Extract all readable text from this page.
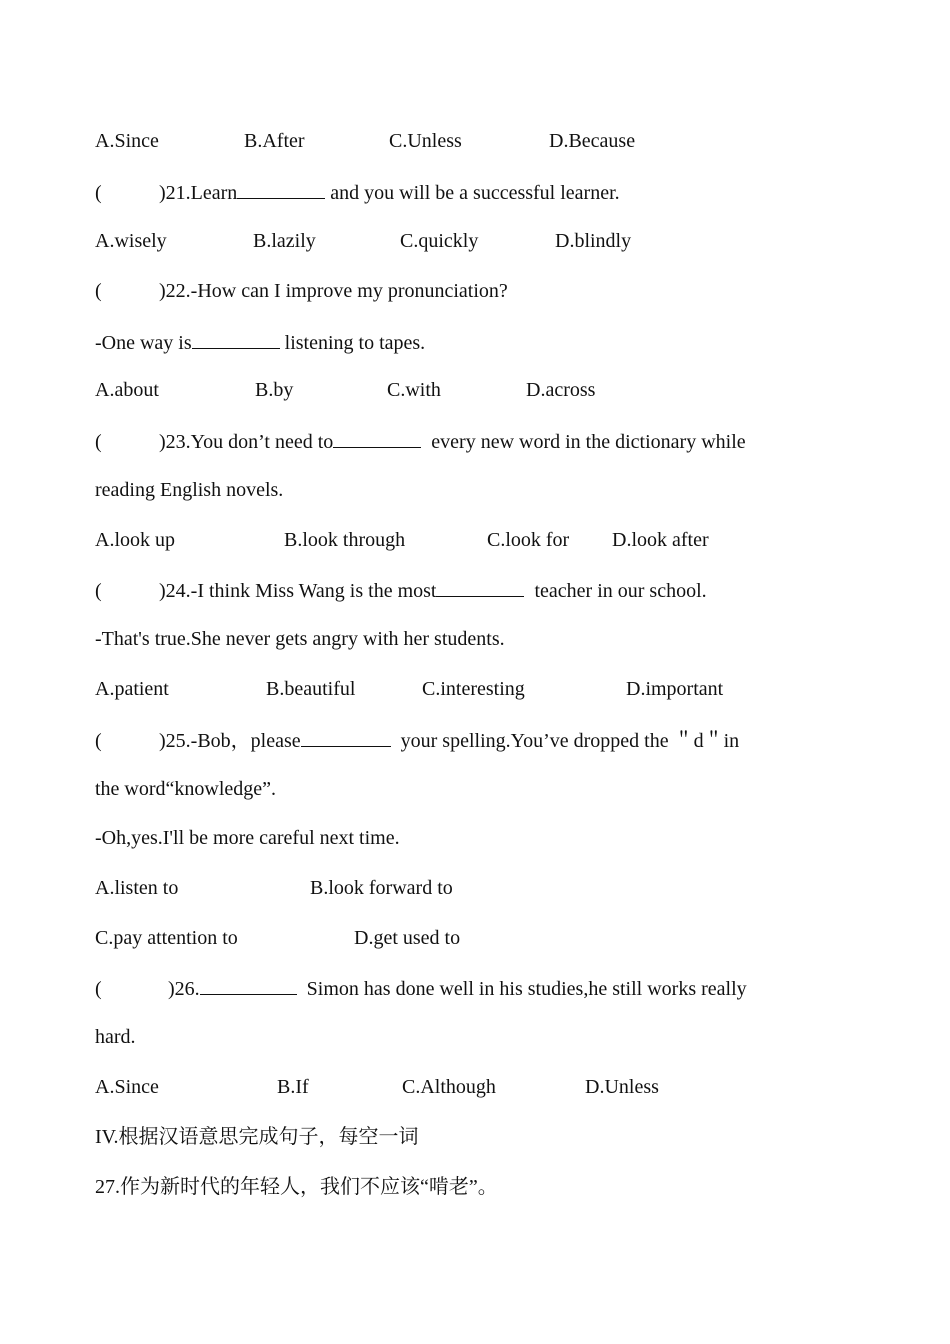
A.Since

	B.After

	C.Unless

	D.Because

(	)21.Learn	and you will be a successful learner.

A.wisely

	B.lazily

	C.quickly

	D.blindly

(	)22.-How can I improve my pronunciation?
-One way is	listening to tapes.

A.about

	B.by

	C.with

	D.across

(	)23.You don’t need to	every new word in the dictionary while
reading English novels.

A.look up

	B.look through

	C.look for

D.look after

(	)24.-I think Miss Wang is the most	teacher in our school.
-That's true.She never gets angry with her students.

A.patient

	B.beautiful

	C.interesting

	D.important

(	)25.-Bob，please	your spelling.You’ve dropped the ＂d＂in
the word“knowledge”.
-Oh,yes.I'll be more careful next time.

A.listen to

	B.look forward to

C.pay attention to

	D.get used to

(	)26.	Simon has done well in his studies,he still works really
hard.

A.Since

	B.If

	C.Although

	D.Unless

IV.根据汉语意思完成句子，每空一词
27.作为新时代的年轻人，我们不应该“啃老”。
